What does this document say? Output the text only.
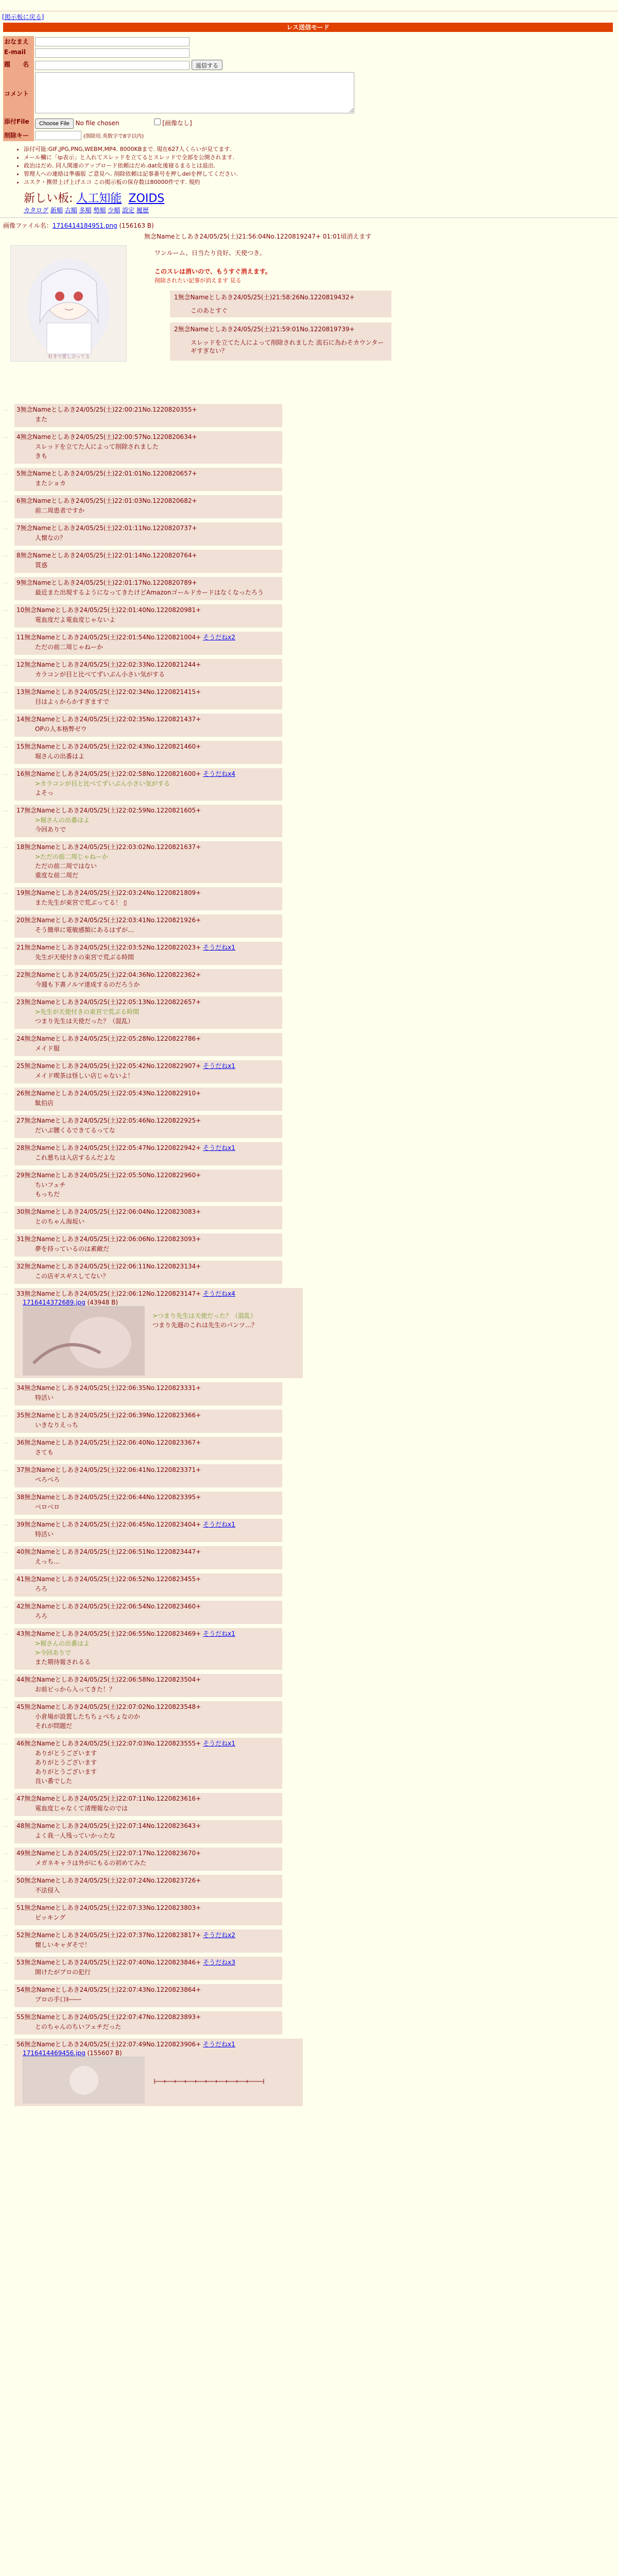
[掲示板に戻る]
レス送信モード
おなまえ	
E-mail	
題　　名	返信する
コメント	
添付File	Choose File No file chosen [画像なし]
削除キー	(削除用.英数字で8字以内)
• 添付可能:GIF,JPG,PNG,WEBM,MP4. 8000KBまで. 現在627人くらいが見てます.
• メール欄に「ip表示」と入れてスレッドを立てるとスレッドで全部を公開されます.
• 政治はだめ. 同人関連のアップロード依頼はだめ.dat化後寝るまるとは退出.
• 管理人への連絡は準備版 ご意見へ. 削除依頼は記事番号を押しdelを押してください.
• ユスク・携帯上げ上げエコ この掲示板の保存数は80000件です. 規約
新しい板: 人工知能 ZOIDS
カタログ 新順 古順 多順 勢順 少順 設定 履歴
画像ファイル名：1716414184951.png (156163 B)
好きで愛し合ってる
無念Nameとしあき24/05/25(土)21:56:04No.1220819247+ 01:01頃消えます
ワンルーム、日当たり良好、天使つき。
このスレは消いので、もうすぐ消えます。
削除されたい記事が消えます 見る
1無念Nameとしあき24/05/25(土)21:58:26No.1220819432+
このあとすぐ
2無念Nameとしあき24/05/25(土)21:59:01No.1220819739+
スレッドを立てた人によって削除されました 流石に為わそカウンターギすぎない？
…	3無念Nameとしあき24/05/25(土)22:00:21No.1220820355+
また
…	4無念Nameとしあき24/05/25(土)22:00:57No.1220820634+
スレッドを立てた人によって削除されました
きも
…	5無念Nameとしあき24/05/25(土)22:01:01No.1220820657+
またショカ
…	6無念Nameとしあき24/05/25(土)22:01:03No.1220820682+
前二周患者ですか
…	7無念Nameとしあき24/05/25(土)22:01:11No.1220820737+
人懐なの？
…	8無念Nameとしあき24/05/25(土)22:01:14No.1220820764+
質惑
…	9無念Nameとしあき24/05/25(土)22:01:17No.1220820789+
最近また出現するようになってきたけどAmazonゴールドカードはなくなったろう
…	10無念Nameとしあき24/05/25(土)22:01:40No.1220820981+
電血度だよ電血度じゃないよ
…	11無念Nameとしあき24/05/25(土)22:01:54No.1220821004+ そうだねx2
ただの前二周じゃねーか
…	12無念Nameとしあき24/05/25(土)22:02:33No.1220821244+
カラコンが目と比べてずいぶん小さい気がする
…	13無念Nameとしあき24/05/25(土)22:02:34No.1220821415+
目はよぅからかすぎますで
…	14無念Nameとしあき24/05/25(土)22:02:35No.1220821437+
OPの人本格弊ゼウ
…	15無念Nameとしあき24/05/25(土)22:02:43No.1220821460+
堀さんの出番はよ
…	16無念Nameとしあき24/05/25(土)22:02:58No.1220821600+ そうだねx4
>カラコンが目と比べてずいぶん小さい気がする
よそっ
…	17無念Nameとしあき24/05/25(土)22:02:59No.1220821605+
>堀さんの出番はよ
今回ありで
…	18無念Nameとしあき24/05/25(土)22:03:02No.1220821637+
>ただの前二周じゃねーか
ただの前二周ではない
重度な前二周だ
…	19無念Nameとしあき24/05/25(土)22:03:24No.1220821809+
また先生が束宮で荒ぶってる！ ▯
…	20無念Nameとしあき24/05/25(土)22:03:41No.1220821926+
そう簡単に電敏感類にあるはずが…
…	21無念Nameとしあき24/05/25(土)22:03:52No.1220822023+ そうだねx1
先生が天使付きの束宮で荒ぶる時間
…	22無念Nameとしあき24/05/25(土)22:04:36No.1220822362+
今週も下書ノルマ達成するのだろうか
…	23無念Nameとしあき24/05/25(土)22:05:13No.1220822657+
>先生が天使付きの束宮で荒ぶる時間
つまり先生は天使だった？（混乱）
…	24無念Nameとしあき24/05/25(土)22:05:28No.1220822786+
メイド服
…	25無念Nameとしあき24/05/25(土)22:05:42No.1220822907+ そうだねx1
メイド喫茶は怪しい店じゃないよ！
…	26無念Nameとしあき24/05/25(土)22:05:43No.1220822910+
駄伯店
…	27無念Nameとしあき24/05/25(土)22:05:46No.1220822925+
だいぶ腰くるできてるってな
…	28無念Nameとしあき24/05/25(土)22:05:47No.1220822942+ そうだねx1
これ悪ちは入店するんだよな
…	29無念Nameとしあき24/05/25(土)22:05:50No.1220822960+
ちいフェチ
もっちだ
…	30無念Nameとしあき24/05/25(土)22:06:04No.1220823083+
とのちゃん海坂い
…	31無念Nameとしあき24/05/25(土)22:06:06No.1220823093+
夢を持っているのは素敵だ
…	32無念Nameとしあき24/05/25(土)22:06:11No.1220823134+
この店ギスギスしてない？
…	33無念Nameとしあき24/05/25(土)22:06:12No.1220823147+ そうだねx4
1716414372689.jpg (43948 B)
>つまり先生は天使だった？（混乱）
つまり先週のこれは先生のパンツ…？
…	34無念Nameとしあき24/05/25(土)22:06:35No.1220823331+
特活い
…	35無念Nameとしあき24/05/25(土)22:06:39No.1220823366+
いきなりえっち
…	36無念Nameとしあき24/05/25(土)22:06:40No.1220823367+
さても
…	37無念Nameとしあき24/05/25(土)22:06:41No.1220823371+
べろべろ
…	38無念Nameとしあき24/05/25(土)22:06:44No.1220823395+
ベロベロ
…	39無念Nameとしあき24/05/25(土)22:06:45No.1220823404+ そうだねx1
特活い
…	40無念Nameとしあき24/05/25(土)22:06:51No.1220823447+
えっち…
…	41無念Nameとしあき24/05/25(土)22:06:52No.1220823455+
ろろ
…	42無念Nameとしあき24/05/25(土)22:06:54No.1220823460+
ろろ
…	43無念Nameとしあき24/05/25(土)22:06:55No.1220823469+ そうだねx1
>堀さんの出番はよ
>今回ありで
また期待報されるる
…	44無念Nameとしあき24/05/25(土)22:06:58No.1220823504+
お前ビっから入ってきた！？
…	45無念Nameとしあき24/05/25(土)22:07:02No.1220823548+
小倉場が設置したちちょべちょなのか
それが問題だ
…	46無念Nameとしあき24/05/25(土)22:07:03No.1220823555+ そうだねx1
ありがとうございます
ありがとうございます
ありがとうございます
良い番でした
…	47無念Nameとしあき24/05/25(土)22:07:11No.1220823616+
電血度じゃなくて清理報なのでは
…	48無念Nameとしあき24/05/25(土)22:07:14No.1220823643+
よく我一人残っていかったな
…	49無念Nameとしあき24/05/25(土)22:07:17No.1220823670+
メガネキャラは外がにもるの初めてみた
…	50無念Nameとしあき24/05/25(土)22:07:24No.1220823726+
不法侵入
…	51無念Nameとしあき24/05/25(土)22:07:33No.1220823803+
ピッキング
…	52無念Nameとしあき24/05/25(土)22:07:37No.1220823817+ そうだねx2
懐しいキャダそで！
…	53無念Nameとしあき24/05/25(土)22:07:40No.1220823846+ そうだねx3
開けたがプロの犯行
…	54無念Nameとしあき24/05/25(土)22:07:43No.1220823864+
プロの手口ｷｰｰｰｰ
…	55無念Nameとしあき24/05/25(土)22:07:47No.1220823893+
とのちゃんのちいフェチだった
…	56無念Nameとしあき24/05/25(土)22:07:49No.1220823906+ そうだねx1
1716414469456.jpg (155607 B)
